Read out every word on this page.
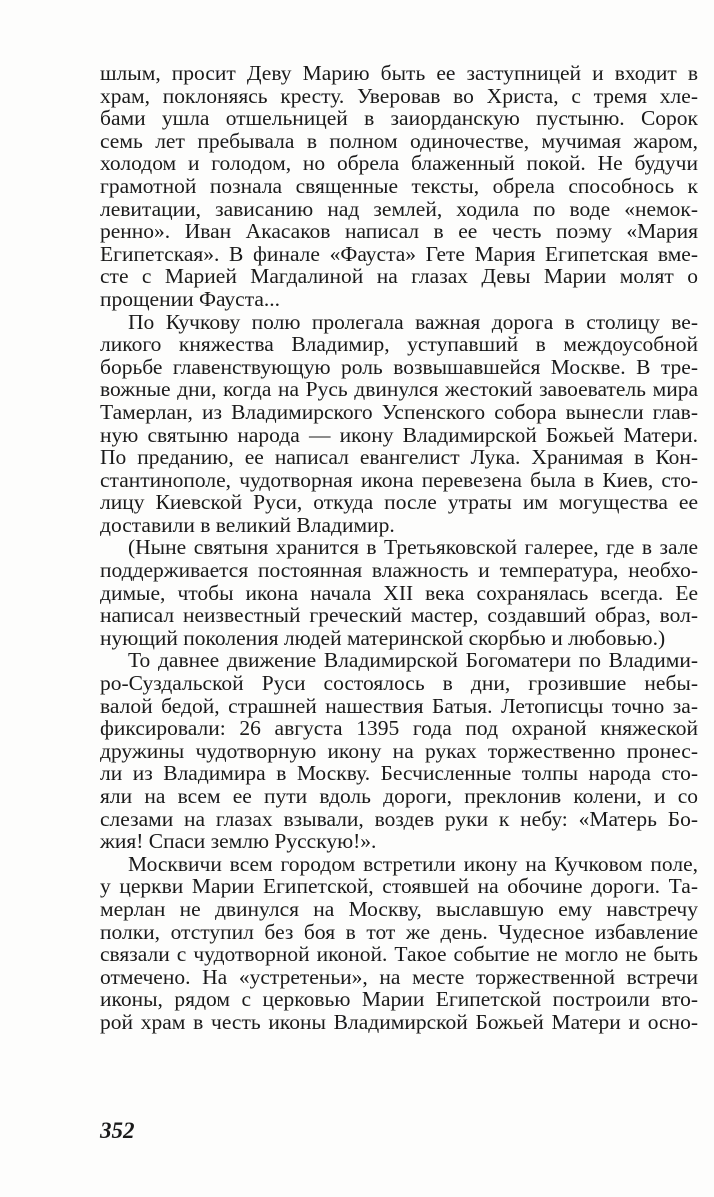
шлым, просит Деву Марию быть ее заступницей и входит в
храм, поклоняясь кресту. Уверовав во Христа, с тремя хле-
бами ушла отшельницей в заиорданскую пустыню. Сорок
семь лет пребывала в полном одиночестве, мучимая жаром,
холодом и голодом, но обрела блаженный покой. Не будучи
грамотной познала священные тексты, обрела способнось к
левитации, зависанию над землей, ходила по воде «немок-
ренно». Иван Акасаков написал в ее честь поэму «Мария
Египетская». В финале «Фауста» Гете Мария Египетская вме-
сте с Марией Магдалиной на глазах Девы Марии молят о
прощении Фауста...
По Кучкову полю пролегала важная дорога в столицу ве-
ликого княжества Владимир, уступавший в междоусобной
борьбе главенствующую роль возвышавшейся Москве. В тре-
вожные дни, когда на Русь двинулся жестокий завоеватель мира
Тамерлан, из Владимирского Успенского собора вынесли глав-
ную святыню народа — икону Владимирской Божьей Матери.
По преданию, ее написал евангелист Лука. Хранимая в Кон-
стантинополе, чудотворная икона перевезена была в Киев, сто-
лицу Киевской Руси, откуда после утраты им могущества ее
доставили в великий Владимир.
(Ныне святыня хранится в Третьяковской галерее, где в зале
поддерживается постоянная влажность и температура, необхо-
димые, чтобы икона начала XII века сохранялась всегда. Ее
написал неизвестный греческий мастер, создавший образ, вол-
нующий поколения людей материнской скорбью и любовью.)
То давнее движение Владимирской Богоматери по Владими-
ро-Суздальской Руси состоялось в дни, грозившие небы-
валой бедой, страшней нашествия Батыя. Летописцы точно за-
фиксировали: 26 августа 1395 года под охраной княжеской
дружины чудотворную икону на руках торжественно пронес-
ли из Владимира в Москву. Бесчисленные толпы народа сто-
яли на всем ее пути вдоль дороги, преклонив колени, и со
слезами на глазах взывали, воздев руки к небу: «Матерь Бо-
жия! Спаси землю Русскую!».
Москвичи всем городом встретили икону на Кучковом поле,
у церкви Марии Египетской, стоявшей на обочине дороги. Та-
мерлан не двинулся на Москву, выславшую ему навстречу
полки, отступил без боя в тот же день. Чудесное избавление
связали с чудотворной иконой. Такое событие не могло не быть
отмечено. На «устретеньи», на месте торжественной встречи
иконы, рядом с церковью Марии Египетской построили вто-
рой храм в честь иконы Владимирской Божьей Матери и осно-
352
